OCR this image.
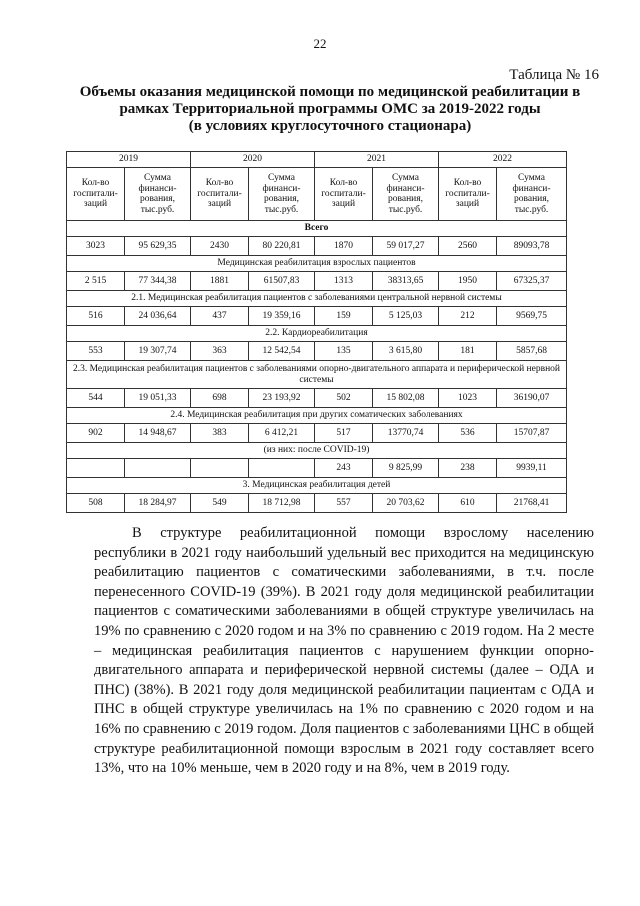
22
Таблица № 16
Объемы оказания медицинской помощи по медицинской реабилитации в
рамках Территориальной программы ОМС за 2019-2022 годы
(в условиях круглосуточного стационара)
2019		2020		2021		2022	
Кол-во госпитали-заций	Сумма финанси-рования, тыс.руб.	Кол-во госпитали-заций	Сумма финанси-рования, тыс.руб.	Кол-во госпитали-заций	Сумма финанси-рования, тыс.руб.	Кол-во госпитали-заций	Сумма финанси-рования, тыс.руб.
Всего							
3023	95 629,35	2430	80 220,81	1870	59 017,27	2560	89093,78
Медицинская реабилитация взрослых пациентов							
2 515	77 344,38	1881	61507,83	1313	38313,65	1950	67325,37
2.1. Медицинская реабилитация пациентов с заболеваниями центральной нервной системы							
516	24 036,64	437	19 359,16	159	5 125,03	212	9569,75
2.2. Кардиореабилитация							
553	19 307,74	363	12 542,54	135	3 615,80	181	5857,68
2.3. Медицинская реабилитация пациентов с заболеваниями опорно-двигательного аппарата и периферической нервной системы							
544	19 051,33	698	23 193,92	502	15 802,08	1023	36190,07
2.4. Медицинская реабилитация при других соматических заболеваниях							
902	14 948,67	383	6 412,21	517	13770,74	536	15707,87
(из них: после COVID-19)							
				243	9 825,99	238	9939,11
3. Медицинская реабилитация детей							
508	18 284,97	549	18 712,98	557	20 703,62	610	21768,41

В структуре реабилитационной помощи взрослому населению республики в 2021 году наибольший удельный вес приходится на медицинскую реабилитацию пациентов с соматическими заболеваниями, в т.ч. после перенесенного COVID-19 (39%). В 2021 году доля медицинской реабилитации пациентов с соматическими заболеваниями в общей структуре увеличилась на 19% по сравнению с 2020 годом и на 3% по сравнению с 2019 годом. На 2 месте – медицинская реабилитация пациентов с нарушением функции опорно-двигательного аппарата и периферической нервной системы (далее – ОДА и ПНС) (38%). В 2021 году доля медицинской реабилитации пациентам с ОДА и ПНС в общей структуре увеличилась на 1% по сравнению с 2020 годом и на 16% по сравнению с 2019 годом. Доля пациентов с заболеваниями ЦНС в общей структуре реабилитационной помощи взрослым в 2021 году составляет всего 13%, что на 10% меньше, чем в 2020 году и на 8%, чем в 2019 году.
